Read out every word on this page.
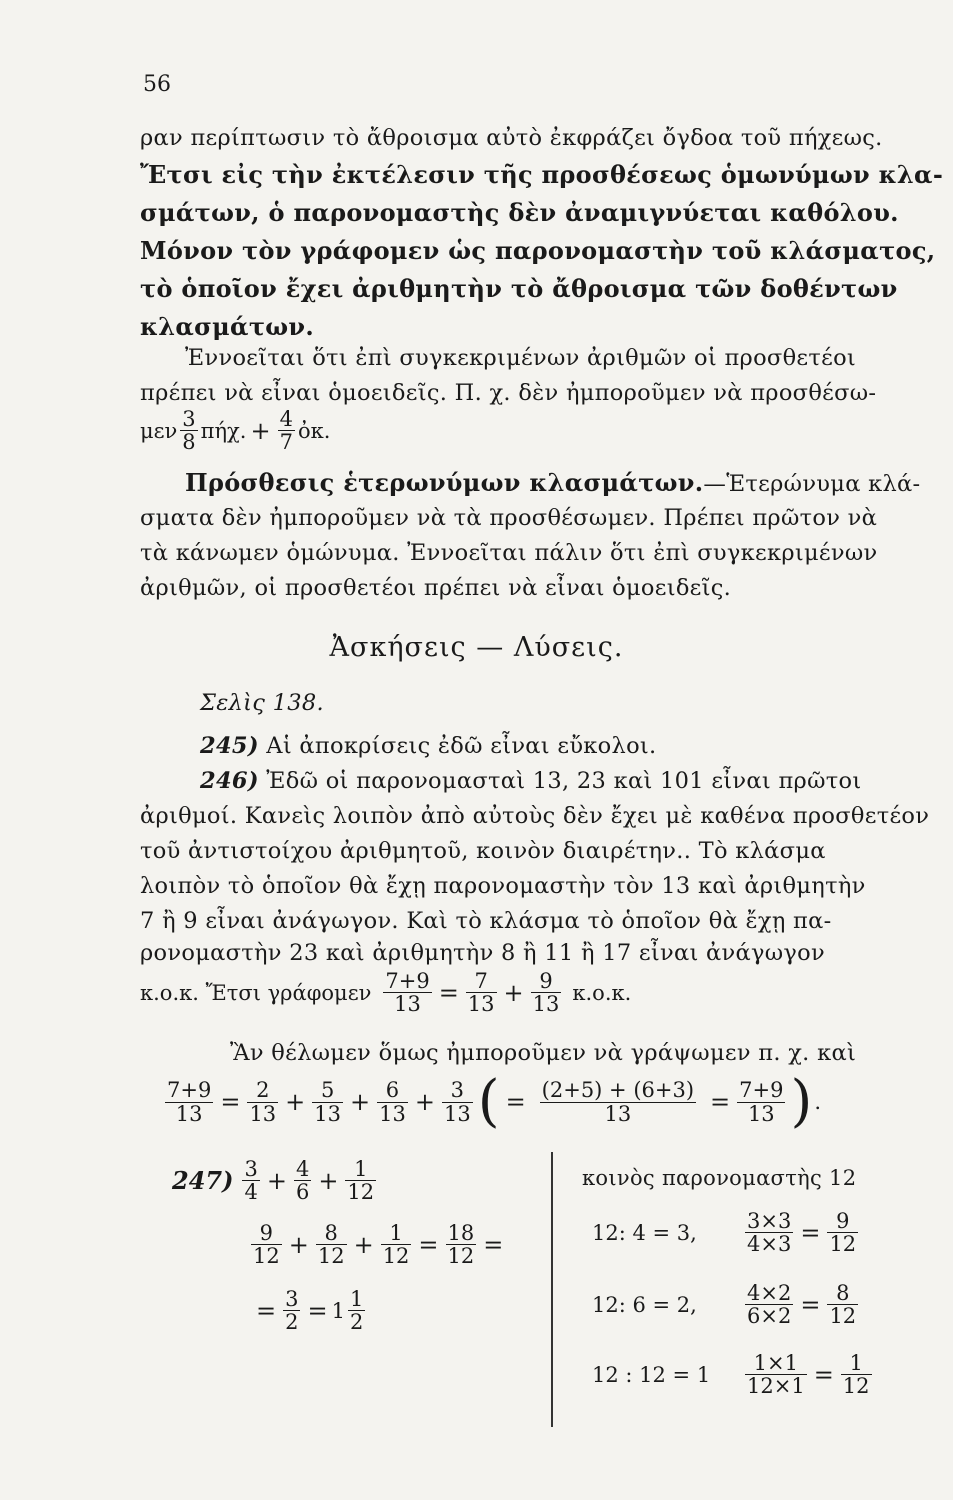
56
ραν περίπτωσιν τὸ ἄθροισμα αὐτὸ ἐκφράζει ὄγδοα τοῦ πήχεως.
Ἔτσι εἰς τὴν ἐκτέλεσιν τῆς προσθέσεως ὁμωνύμων κλα-
σμάτων, ὁ παρονομαστὴς δὲν ἀναμιγνύεται καθόλου.
Μόνον τὸν γράφομεν ὡς παρονομαστὴν τοῦ κλάσματος,
τὸ ὁποῖον ἔχει ἀριθμητὴν τὸ ἄθροισμα τῶν δοθέντων
κλασμάτων.
Ἐννοεῖται ὅτι ἐπὶ συγκεκριμένων ἀριθμῶν οἱ προσθετέοι
πρέπει νὰ εἶναι ὁμοειδεῖς. Π. χ. δὲν ἠμποροῦμεν νὰ προσθέσω-
μεν 3
8 πήχ. + $\frac{4}{7}$ ὀκ.
Πρόσθεσις ἑτερωνύμων κλασμάτων.—Ἑτερώνυμα κλά-
σματα δὲν ἠμποροῦμεν νὰ τὰ προσθέσωμεν. Πρέπει πρῶτον νὰ
τὰ κάνωμεν ὁμώνυμα. Ἐννοεῖται πάλιν ὅτι ἐπὶ συγκεκριμένων
ἀριθμῶν, οἱ προσθετέοι πρέπει νὰ εἶναι ὁμοειδεῖς.
Ἀσκήσεις — Λύσεις.
Σελὶς 138.
245) Αἱ ἀποκρίσεις ἐδῶ εἶναι εὔκολοι.
246) Ἐδῶ οἱ παρονομασταὶ 13, 23 καὶ 101 εἶναι πρῶτοι
ἀριθμοί. Κανεὶς λοιπὸν ἀπὸ αὐτοὺς δὲν ἔχει μὲ καθένα προσθετέον
τοῦ ἀντιστοίχου ἀριθμητοῦ, κοινὸν διαιρέτην.. Τὸ κλάσμα
λοιπὸν τὸ ὁποῖον θὰ ἔχῃ παρονομαστὴν τὸν 13 καὶ ἀριθμητὴν
7 ἢ 9 εἶναι ἀνάγωγον. Καὶ τὸ κλάσμα τὸ ὁποῖον θὰ ἔχῃ πα-
ρονομαστὴν 23 καὶ ἀριθμητὴν 8 ἢ 11 ἢ 17 εἶναι ἀνάγωγον
κ.ο.κ. Ἔτσι γράφομεν $\frac{7+9}{13} = \frac{7}{13} + \frac{9}{13} \kappa.o.\kappa$.
Ἂν θέλωμεν ὅμως ἠμποροῦμεν νὰ γράψωμεν π. χ. καὶ
$\frac{7+9}{13} = \frac{2}{13} + \frac{5}{13} + \frac{6}{13} + \frac{3}{13}$ ( = $\frac{(2+5) + (6+3)}{13} = \frac{7+9}{13}$ ) .
247) 3
$4 + \frac{4}{6} + \frac{1}{12}$
9
$12 + \frac{8}{12} + \frac{1}{12} = \frac{18}{12}$ =
= $\frac{3}{2} = 1$ 1
2
κοινὸς παρονομαστὴς 12
12: 4 = 3,	$\frac{3\times 3}{4\times 3} = \frac{9}{12}$
12: 6 = 2,	$\frac{4\times 2}{6\times 2} = \frac{8}{12}$
12 : 12 = 1	$\frac{1\times 1}{12\times 1} = \frac{1}{12}$
